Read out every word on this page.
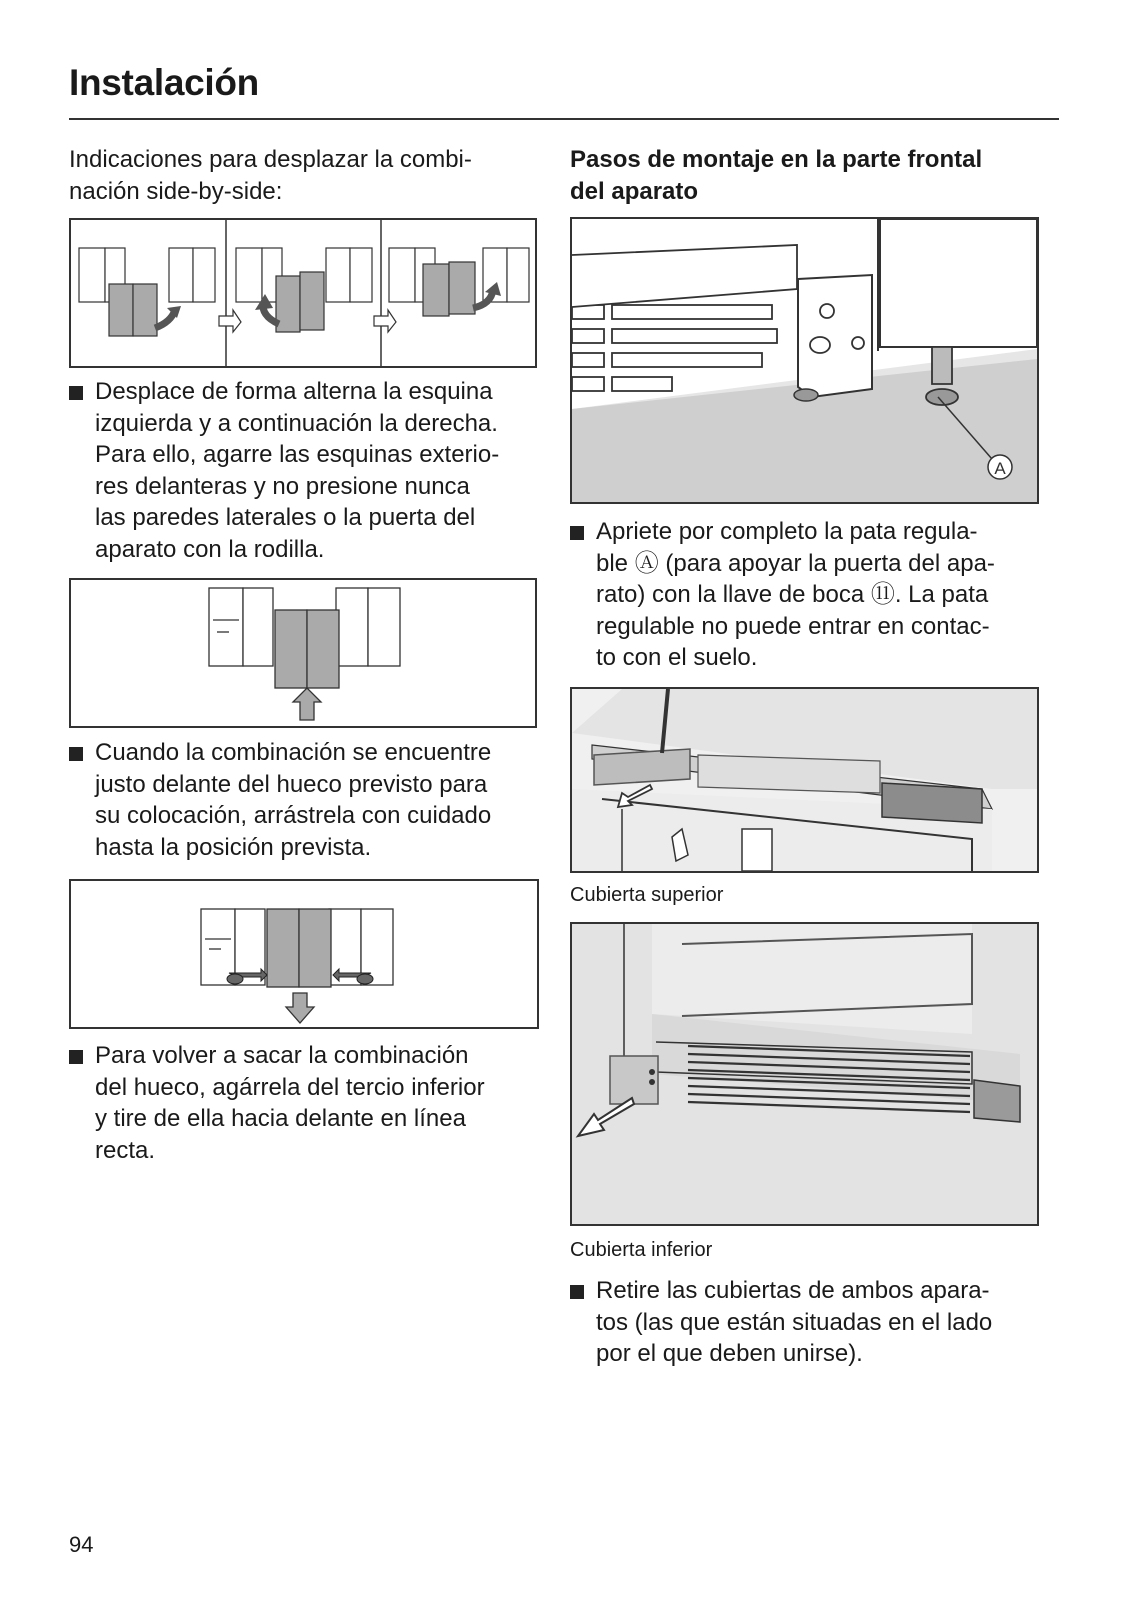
Instalación
Indicaciones para desplazar la combi-
nación side-by-side:
Desplace de forma alterna la esquina
izquierda y a continuación la derecha.
Para ello, agarre las esquinas exterio-
res delanteras y no presione nunca
las paredes laterales o la puerta del
aparato con la rodilla.
Cuando la combinación se encuentre
justo delante del hueco previsto para
su colocación, arrástrela con cuidado
hasta la posición prevista.
Para volver a sacar la combinación
del hueco, agárrela del tercio inferior
y tire de ella hacia delante en línea
recta.
Pasos de montaje en la parte frontal
del aparato
A
Apriete por completo la pata regula-
ble Ⓐ (para apoyar la puerta del apa-
rato) con la llave de boca ⑪. La pata
regulable no puede entrar en contac-
to con el suelo.
Cubierta superior
Cubierta inferior
Retire las cubiertas de ambos apara-
tos (las que están situadas en el lado
por el que deben unirse).
94
